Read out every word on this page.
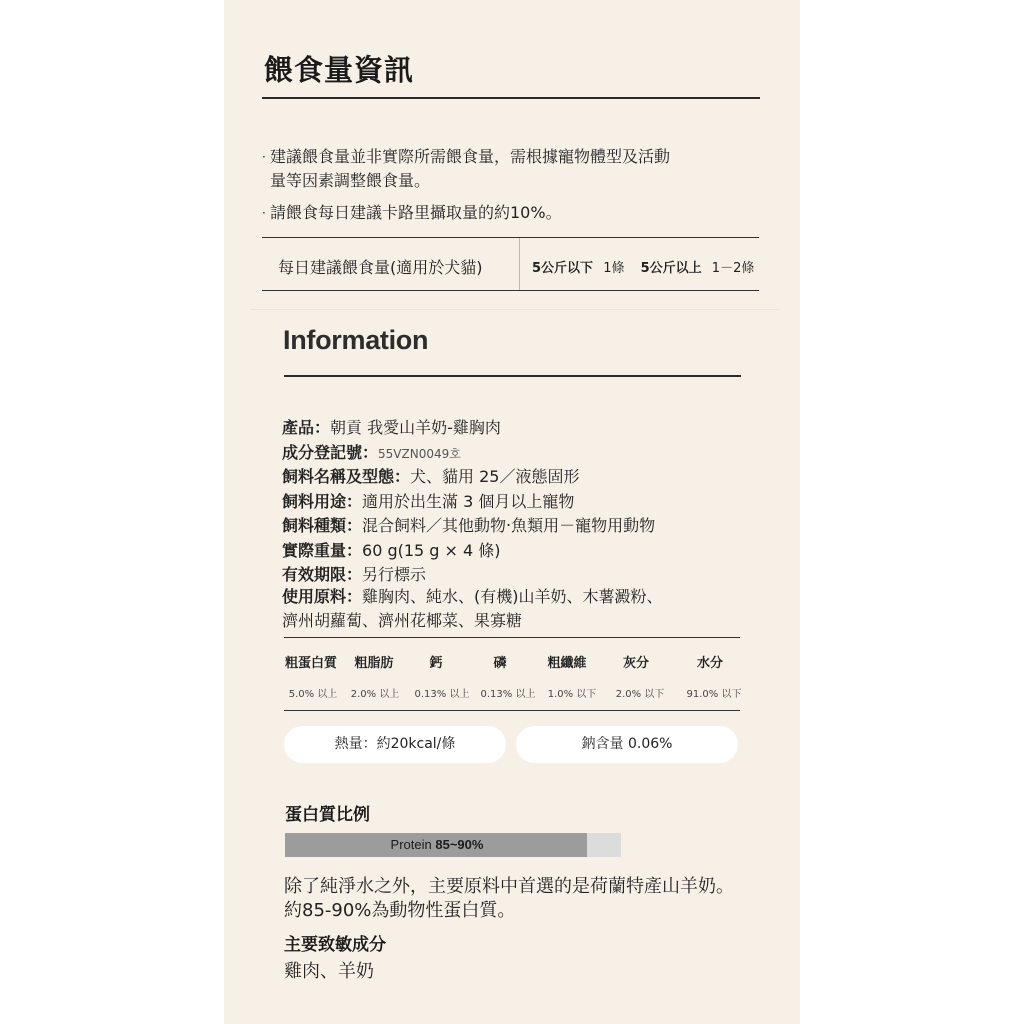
餵食量資訊
· 建議餵食量並非實際所需餵食量，需根據寵物體型及活動
量等因素調整餵食量。
· 請餵食每日建議卡路里攝取量的約10%。
每日建議餵食量(適用於犬貓)	5公斤以下 1條 5公斤以上 1－2條
Information
產品：朝貢 我愛山羊奶-雞胸肉
成分登記號：55VZN0049호
飼料名稱及型態：犬、貓用 25／液態固形
飼料用途：適用於出生滿 3 個月以上寵物
飼料種類：混合飼料／其他動物‧魚類用－寵物用動物
實際重量：60 g(15 g × 4 條)
有效期限：另行標示
使用原料：雞胸肉、純水、(有機)山羊奶、木薯澱粉、
濟州胡蘿蔔、濟州花椰菜、果寡糖
粗蛋白質	粗脂肪	鈣	磷	粗纖維	灰分	水分
5.0% 以上	2.0% 以上	0.13% 以上	0.13% 以上	1.0% 以下	2.0% 以下	91.0% 以下
熱量：約20kcal/條	鈉含量 0.06%
蛋白質比例
Protein 85~90%
除了純淨水之外，主要原料中首選的是荷蘭特產山羊奶。
約85-90%為動物性蛋白質。
主要致敏成分
雞肉、羊奶
